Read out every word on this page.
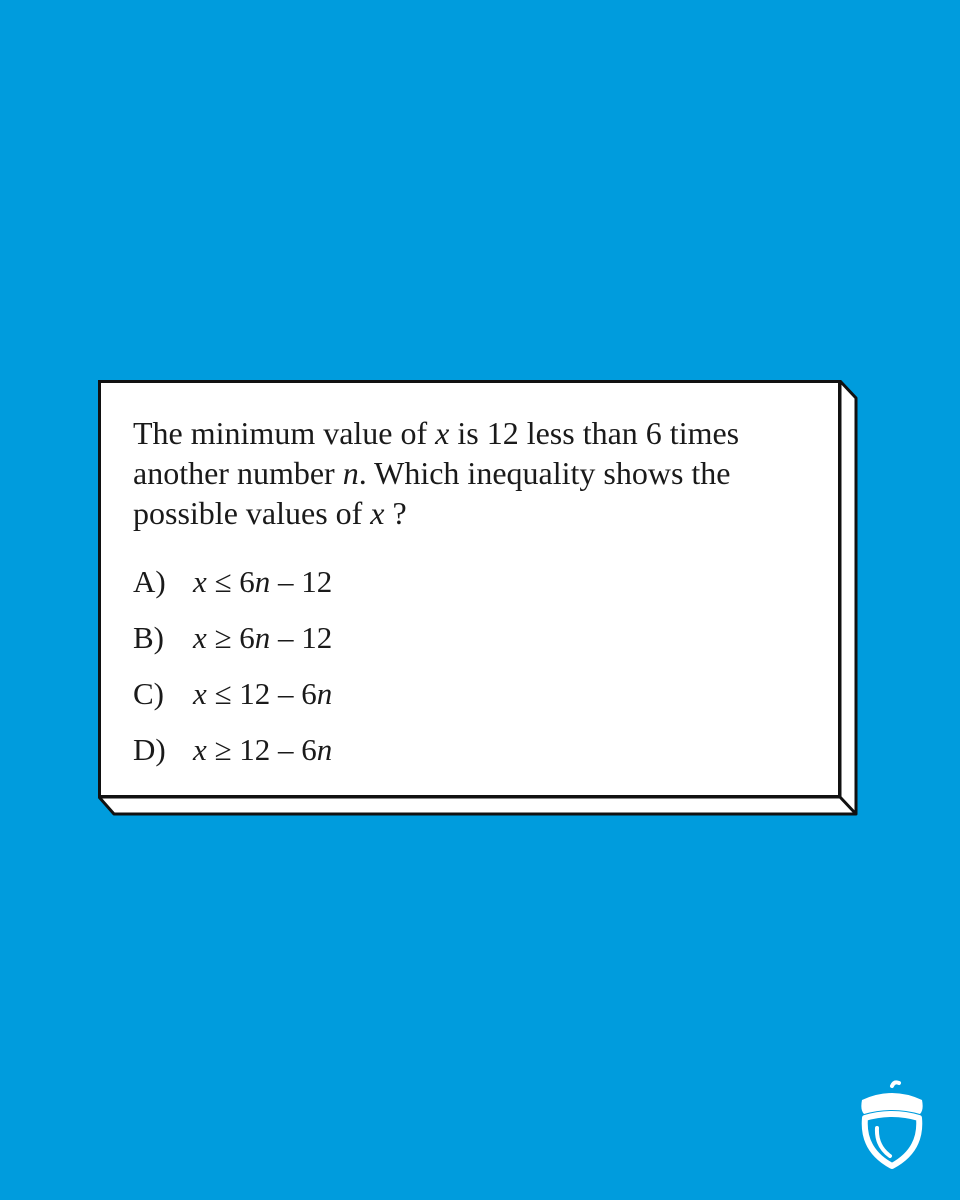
The minimum value of x is 12 less than 6 times another number n. Which inequality shows the possible values of x ?

A) x ≤ 6n – 12
B) x ≥ 6n – 12
C) x ≤ 12 – 6n
D) x ≥ 12 – 6n
